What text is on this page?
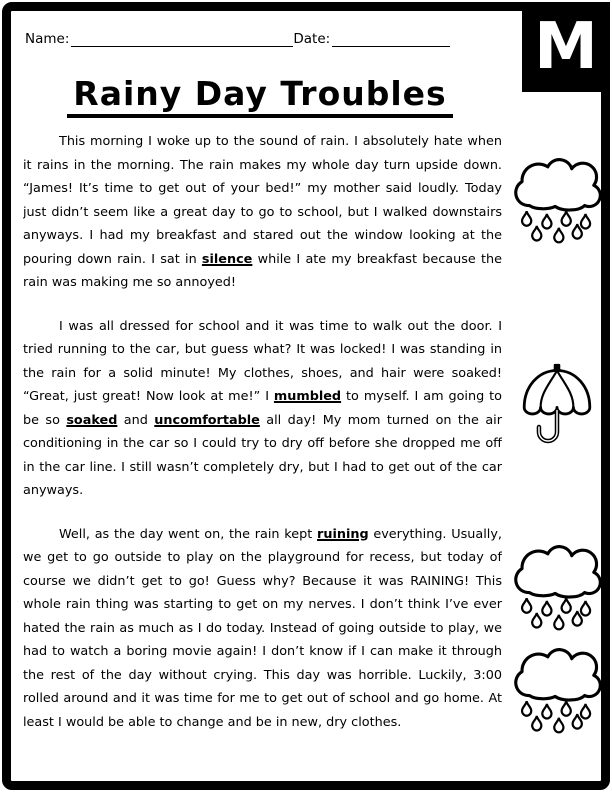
M
Name:	Date:
Rainy Day Troubles

This morning I woke up to the sound of rain. I absolutely hate when it rains in the morning. The rain makes my whole day turn upside down. “James! It’s time to get out of your bed!” my mother said loudly. Today just didn’t seem like a great day to go to school, but I walked downstairs anyways. I had my breakfast and stared out the window looking at the pouring down rain. I sat in silence while I ate my breakfast because the rain was making me so annoyed!

I was all dressed for school and it was time to walk out the door. I tried running to the car, but guess what? It was locked! I was standing in the rain for a solid minute! My clothes, shoes, and hair were soaked! “Great, just great! Now look at me!” I mumbled to myself. I am going to be so soaked and uncomfortable all day! My mom turned on the air conditioning in the car so I could try to dry off before she dropped me off in the car line. I still wasn’t completely dry, but I had to get out of the car anyways.

Well, as the day went on, the rain kept ruining everything. Usually, we get to go outside to play on the playground for recess, but today of course we didn’t get to go! Guess why? Because it was RAINING! This whole rain thing was starting to get on my nerves. I don’t think I’ve ever hated the rain as much as I do today. Instead of going outside to play, we had to watch a boring movie again! I don’t know if I can make it through the rest of the day without crying. This day was horrible. Luckily, 3:00 rolled around and it was time for me to get out of school and go home. At least I would be able to change and be in new, dry clothes.
